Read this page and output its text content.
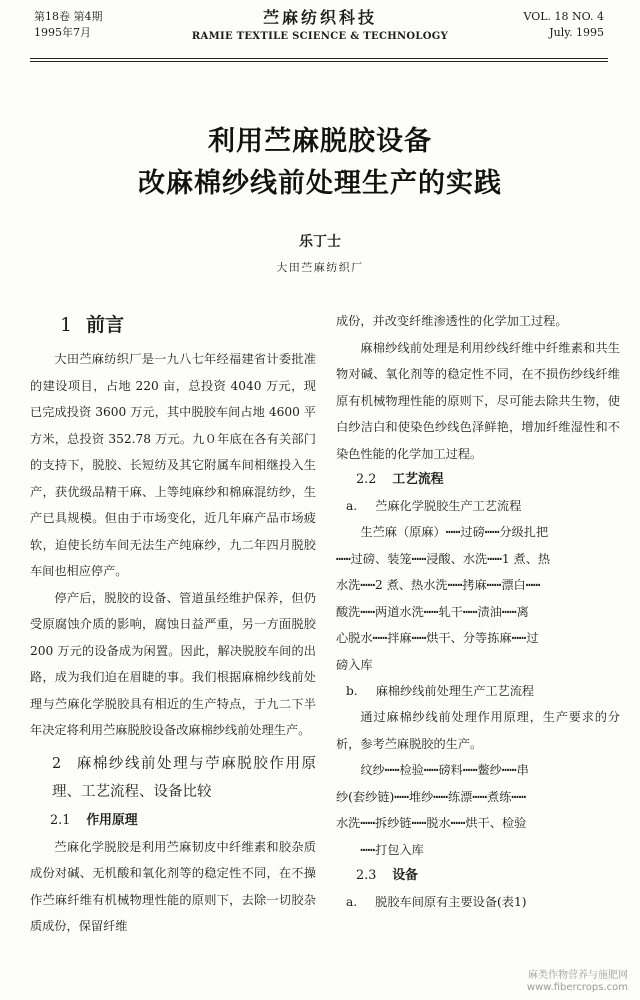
第18卷 第4期
1995年7月
苎麻纺织科技
RAMIE TEXTILE SCIENCE & TECHNOLOGY
VOL. 18 NO. 4
July. 1995
利用苎麻脱胶设备
改麻棉纱线前处理生产的实践
乐丁士
大田苎麻纺织厂
1 前言

大田苎麻纺织厂是一九八七年经福建省计委批准的建设项目，占地 220 亩，总投资 4040 万元，现已完成投资 3600 万元，其中脱胶车间占地 4600 平方米，总投资 352.78 万元。九０年底在各有关部门的支持下，脱胶、长短纺及其它附属车间相继投入生产，获优级品精干麻、上等纯麻纱和棉麻混纺纱，生产已具规模。但由于市场变化，近几年麻产品市场疲软，迫使长纺车间无法生产纯麻纱，九二年四月脱胶车间也相应停产。

停产后，脱胶的设备、管道虽经维护保养，但仍受原腐蚀介质的影响，腐蚀日益严重，另一方面脱胶 200 万元的设备成为闲置。因此，解决脱胶车间的出路，成为我们迫在眉睫的事。我们根据麻棉纱线前处理与苎麻化学脱胶具有相近的生产特点，于九二下半年决定将利用苎麻脱胶设备改麻棉纱线前处理生产。

2 麻棉纱线前处理与苧麻脱胶作用原理、工艺流程、设备比较
2.1 作用原理

苎麻化学脱胶是利用苎麻韧皮中纤维素和胶杂质成份对碱、无机酸和氧化剂等的稳定性不同，在不操作苎麻纤维有机械物理性能的原则下，去除一切胶杂质成份，保留纤维

成份，并改变纤维渗透性的化学加工过程。

麻棉纱线前处理是利用纱线纤维中纤维素和共生物对碱、氧化剂等的稳定性不同，在不损伤纱线纤维原有机械物理性能的原则下，尽可能去除共生物，使白纱洁白和使染色纱线色泽鲜艳，增加纤维湿性和不染色性能的化学加工过程。

2.2 工艺流程
a. 苎麻化学脱胶生产工艺流程

生苎麻（原麻）┅┅过磅┅┅分级扎把

┅┅过磅、装笼┅┅浸酸、水洗┅┅1 煮、热

水洗┅┅2 煮、热水洗┅┅拷麻┅┅漂白┅┅

酸洗┅┅两道水洗┅┅轧干┅┅渍油┅┅离

心脱水┅┅拌麻┅┅烘干、分等拣麻┅┅过

磅入库

b. 麻棉纱线前处理生产工艺流程

通过麻棉纱线前处理作用原理，生产要求的分析，参考苎麻脱胶的生产。

纹纱┅┅检验┅┅磅料┅┅鳖纱┅┅串

纱(套纱链)┅┅堆纱┅┅练漂┅┅煮练┅┅

水洗┅┅拆纱链┅┅脱水┅┅烘干、检验

┅┅打包入库

2.3 设备
a. 脱胶车间原有主要设备(表1)
麻类作物营养与施肥网
www.fibercrops.com
